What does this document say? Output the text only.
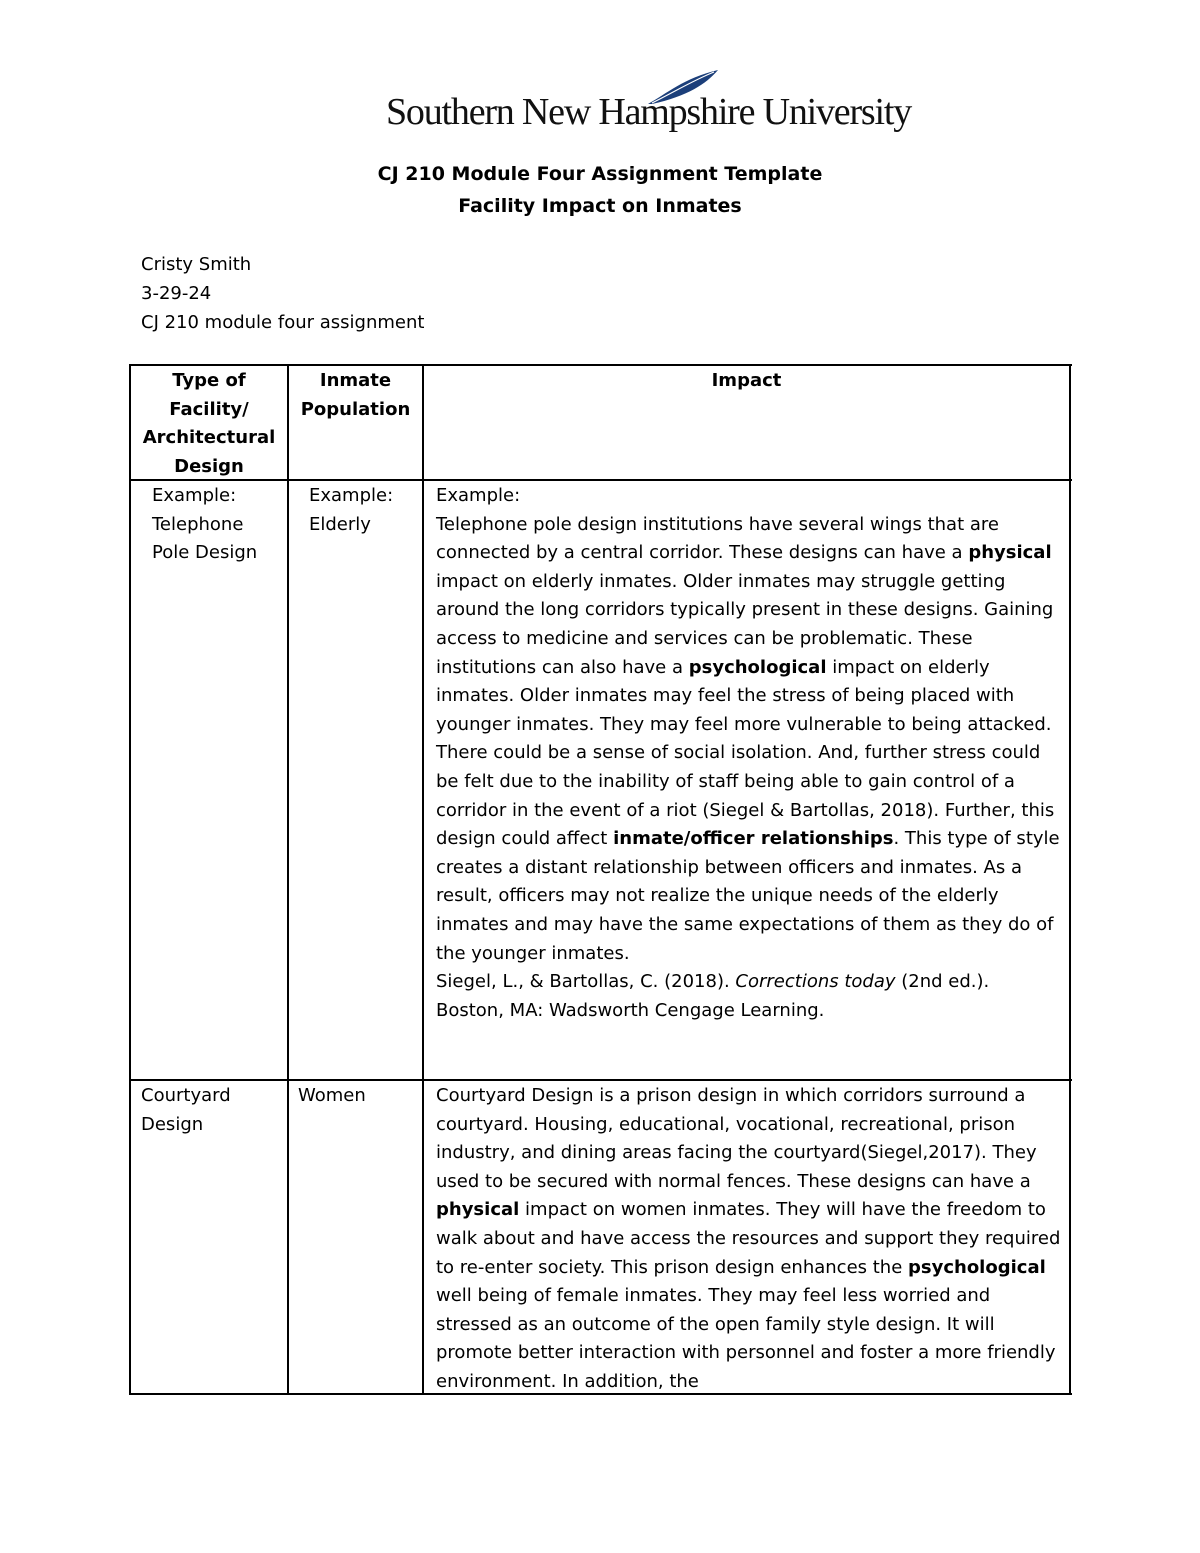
Southern New Hampshire University
CJ 210 Module Four Assignment Template
Facility Impact on Inmates
Cristy Smith
3-29-24
CJ 210 module four assignment
Type of
Facility/
Architectural
Design
Inmate
Population
Impact
Example:
Telephone
Pole Design
Example:
Elderly
Example:

Telephone pole design institutions have several wings that are connected by a central corridor. These designs can have a physical impact on elderly inmates. Older inmates may struggle getting around the long corridors typically present in these designs. Gaining access to medicine and services can be problematic. These institutions can also have a psychological impact on elderly inmates. Older inmates may feel the stress of being placed with younger inmates. They may feel more vulnerable to being attacked. There could be a sense of social isolation. And, further stress could be felt due to the inability of staff being able to gain control of a corridor in the event of a riot (Siegel & Bartollas, 2018). Further, this design could affect inmate/officer relationships. This type of style creates a distant relationship between officers and inmates. As a result, officers may not realize the unique needs of the elderly inmates and may have the same expectations of them as they do of the younger inmates.

Siegel, L., & Bartollas, C. (2018). Corrections today (2nd ed.). Boston, MA: Wadsworth Cengage Learning.

Courtyard
Design
Women	Courtyard Design is a prison design in which corridors surround a courtyard. Housing, educational, vocational, recreational, prison industry, and dining areas facing the courtyard(Siegel,2017). They used to be secured with normal fences. These designs can have a physical impact on women inmates. They will have the freedom to walk about and have access the resources and support they required to re-enter society. This prison design enhances the psychological well being of female inmates. They may feel less worried and stressed as an outcome of the open family style design. It will promote better interaction with personnel and foster a more friendly environment. In addition, the
